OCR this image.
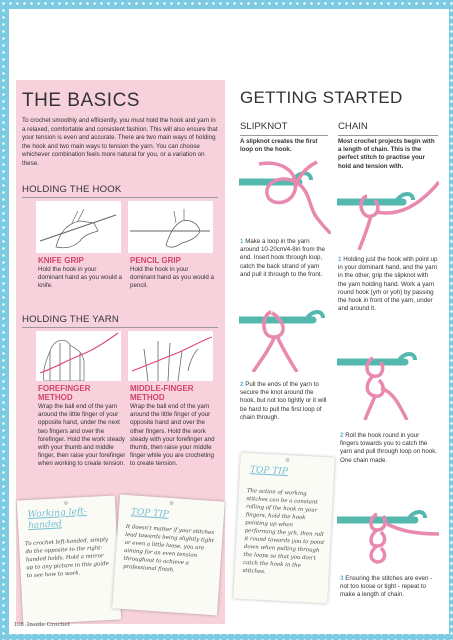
THE BASICS
To crochet smoothly and efficiently, you must hold the hook and yarn in a relaxed, comfortable and consistent fashion. This will also ensure that your tension is even and accurate. There are two main ways of holding the hook and two main ways to tension the yarn. You can choose whichever combination feels more natural for you, or a variation on these.
HOLDING THE HOOK
KNIFE GRIP
Hold the hook in your dominant hand as you would a knife.
PENCIL GRIP
Hold the hook in your dominant hand as you would a pencil.
HOLDING THE YARN
FOREFINGER METHOD
Wrap the ball end of the yarn around the little finger of your opposite hand, under the next two fingers and over the forefinger. Hold the work steady with your thumb and middle finger, then raise your forefinger when working to create tension.
MIDDLE-FINGER METHOD
Wrap the ball end of the yarn around the little finger of your opposite hand and over the other fingers. Hold the work steady with your forefinger and thumb, then raise your middle finger while you are crocheting to create tension.
Working left-handed
To crochet left-handed, simply do the opposite to the right-handed holds. Hold a mirror up to any picture in this guide to see how to work.
TOP TIP
It doesn't matter if your stitches lead towards being slightly tight or even a little loose, you are aiming for an even tension throughout to achieve a professional finish.
GETTING STARTED
SLIPKNOT
A slipknot creates the first loop on the hook.
CHAIN
Most crochet projects begin with a length of chain. This is the perfect stitch to practise your hold and tension with.
1 Make a loop in the yarn around 10-20cm/4-8in from the end. Insert hook through loop, catch the back strand of yarn and pull it through to the front.
2 Pull the ends of the yarn to secure the knot around the hook, but not too tightly or it will be hard to pull the first loop of chain through.
TOP TIP
The action of working stitches can be a constant rolling of the hook in your fingers, hold the hook pointing up when performing the yrh, then roll it round towards you to point down when pulling through the loops so that you don't catch the hook in the stitches.
1 Holding just the hook with point up in your dominant hand, and the yarn in the other, grip the slipknot with the yarn holding hand. Work a yarn round hook (yrh or yoh) by passing the hook in front of the yarn, under and around it.
2 Roll the hook round in your fingers towards you to catch the yarn and pull through loop on hook. One chain made.
3 Ensuring the stitches are even - not too loose or tight - repeat to make a length of chain.
108 Inside Crochet
